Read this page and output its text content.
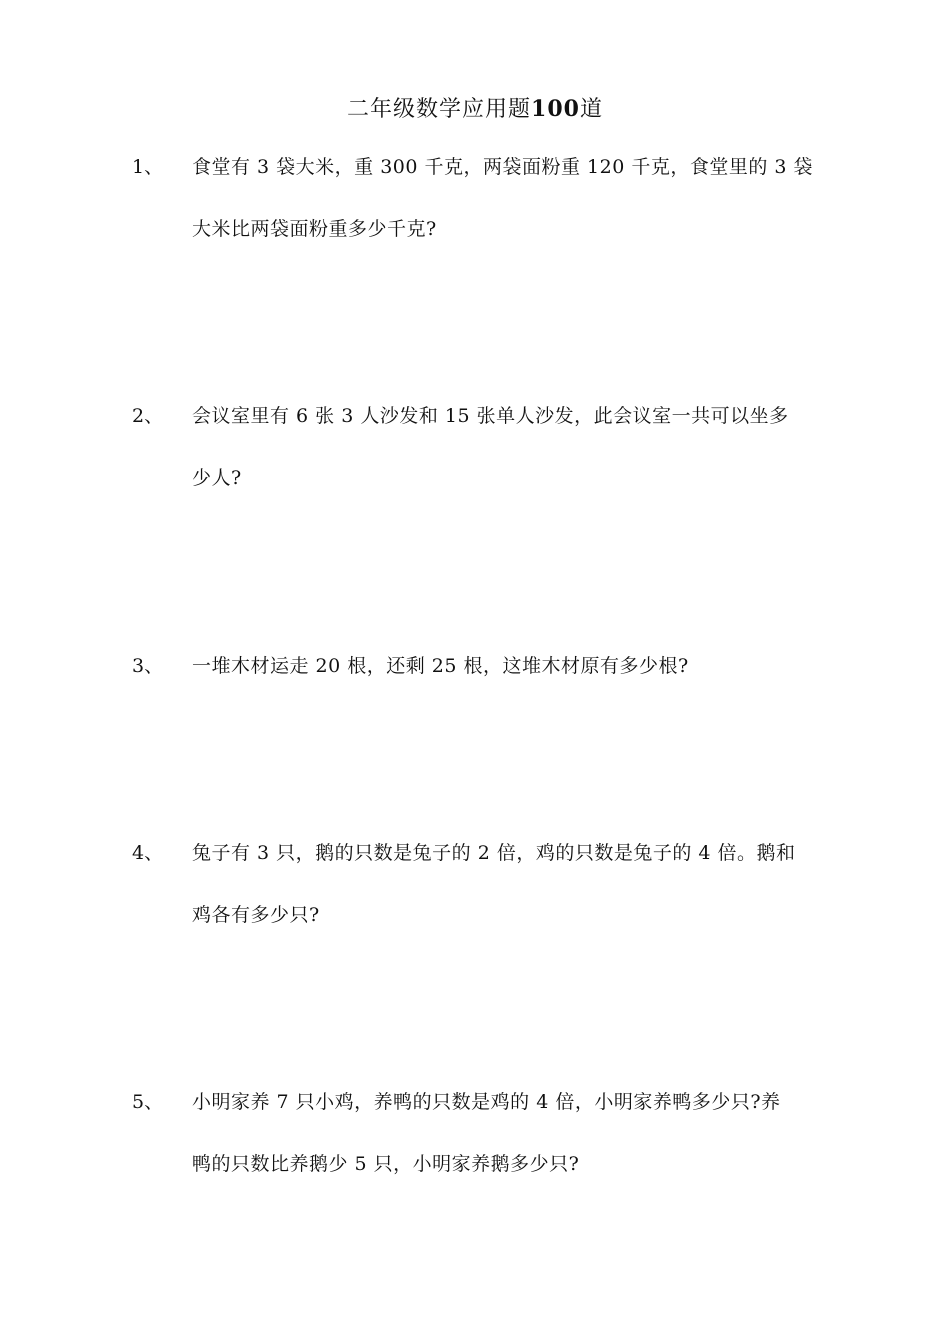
二年级数学应用题100道
1、 食堂有 3 袋大米，重 300 千克，两袋面粉重 120 千克，食堂里的 3 袋
大米比两袋面粉重多少千克?
2、 会议室里有 6 张 3 人沙发和 15 张单人沙发，此会议室一共可以坐多
少人?
3、 一堆木材运走 20 根，还剩 25 根，这堆木材原有多少根?
4、 兔子有 3 只，鹅的只数是兔子的 2 倍，鸡的只数是兔子的 4 倍。鹅和
鸡各有多少只?
5、 小明家养 7 只小鸡，养鸭的只数是鸡的 4 倍，小明家养鸭多少只?养
鸭的只数比养鹅少 5 只，小明家养鹅多少只?
